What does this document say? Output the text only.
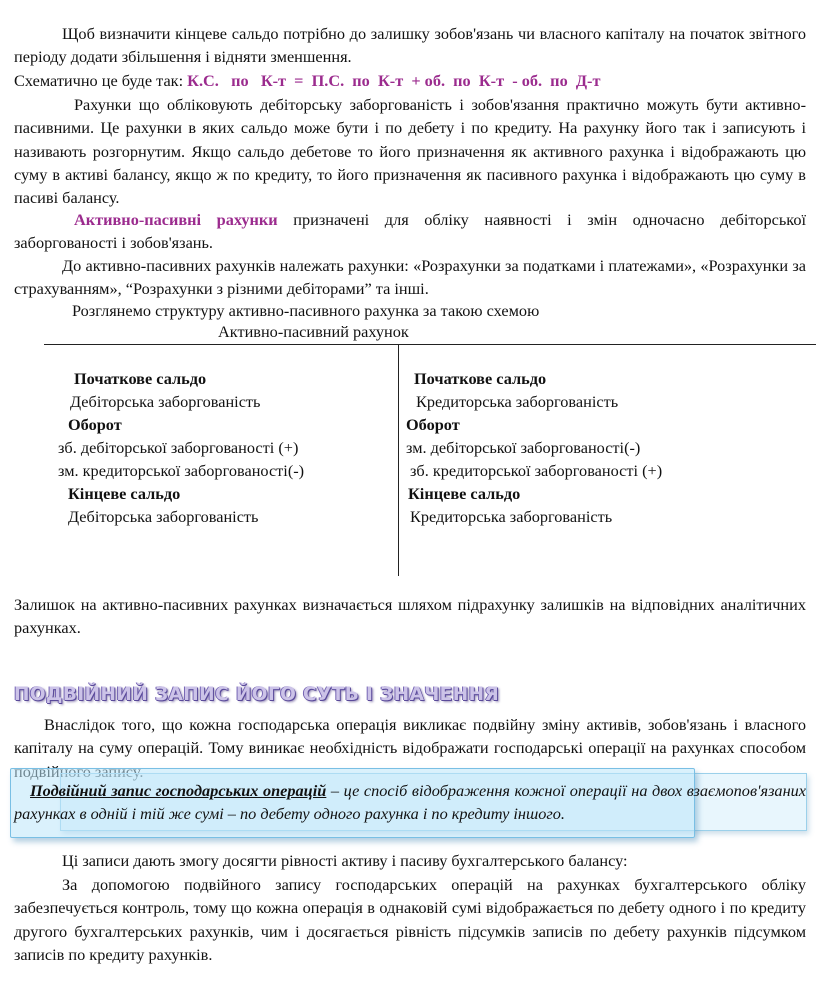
Щоб визначити кінцеве сальдо потрібно до залишку зобов'язань чи власного капіталу на початок звітного періоду додати збільшення і відняти зменшення.

Схематично це буде так: К.С.   по   К-т  =  П.С.  по  К-т  + об.  по  К-т  - об.  по  Д-т

Рахунки що обліковують дебіторську заборгованість і зобов'язання практично можуть бути активно-пасивними. Це рахунки в яких сальдо може бути і по дебету і по кредиту. На рахунку його так і записують і називають розгорнутим. Якщо сальдо дебетове то його призначення як активного рахунка і відображають цю суму в активі балансу, якщо ж по кредиту, то його призначення як пасивного рахунка і відображають цю суму в пасиві балансу.

Активно-пасивні рахунки призначені для обліку наявності і змін одночасно дебіторської заборгованості і зобов'язань.

До активно-пасивних рахунків належать рахунки: «Розрахунки за податками і платежами», «Розрахунки за страхуванням», “Розрахунки з різними дебіторами” та інші.

Розглянемо структуру активно-пасивного рахунка за такою схемою

Активно-пасивний рахунок
Початкове сальдо
Дебіторська заборгованість
Оборот
зб. дебіторської заборгованості (+)
зм. кредиторської заборгованості(-)
Кінцеве сальдо
Дебіторська заборгованість
Початкове сальдо
Кредиторська заборгованість
Оборот
зм. дебіторської заборгованості(-)
зб. кредиторської заборгованості (+)
Кінцеве сальдо
Кредиторська заборгованість

Залишок на активно-пасивних рахунках визначається шляхом підрахунку залишків на відповідних аналітичних рахунках.

ПОДВІЙНИЙ ЗАПИС ЙОГО СУТЬ І ЗНАЧЕННЯ

Внаслідок того, що кожна господарська операція викликає подвійну зміну активів, зобов'язань і власного капіталу на суму операцій. Тому виникає необхідність відображати господарські операції на рахунках способом

Подвійний запис господарських операцій – це спосіб відображення кожної операції на двох взаємопов'язаних рахунках в одній і тій же сумі – по дебету одного рахунка і по кредиту іншого.

Ці записи дають змогу досягти рівності активу і пасиву бухгалтерського балансу:

За допомогою подвійного запису господарських операцій на рахунках бухгалтерського обліку забезпечується контроль, тому що кожна операція в однаковій сумі відображається по дебету одного і по кредиту другого бухгалтерських рахунків, чим і досягається рівність підсумків записів по дебету рахунків підсумком записів по кредиту рахунків.
